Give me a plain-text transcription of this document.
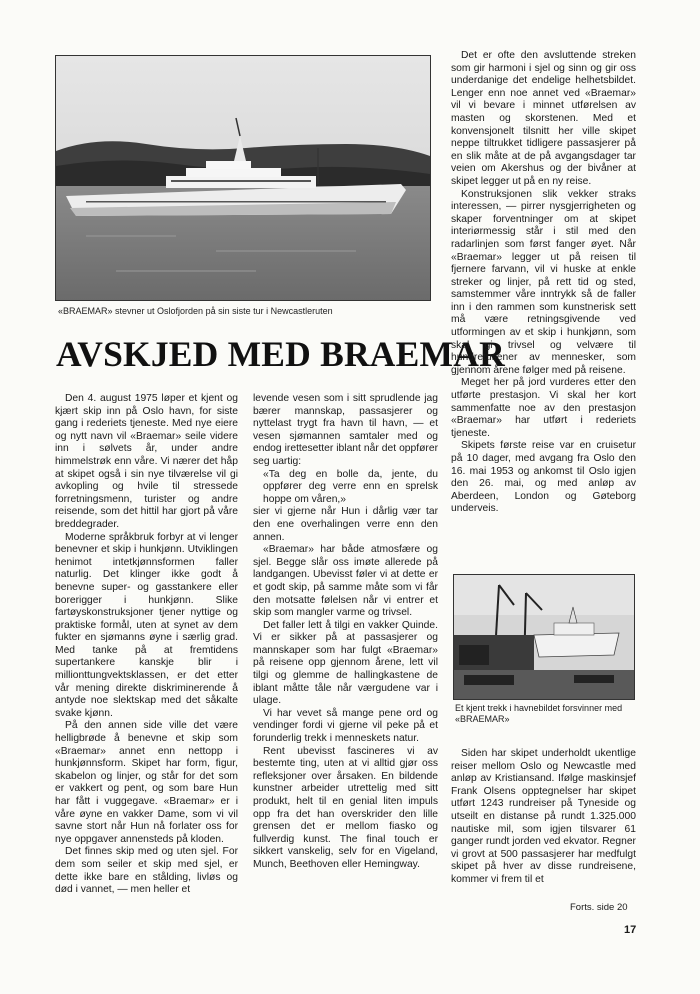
«BRAEMAR» stevner ut Oslofjorden på sin siste tur i Newcastleruten
AVSKJED MED BRAEMAR

Den 4. august 1975 løper et kjent og kjært skip inn på Oslo havn, for siste gang i rederiets tjeneste. Med nye eiere og nytt navn vil «Braemar» seile videre inn i sølvets år, under andre himmelstrøk enn våre. Vi nærer det håp at skipet også i sin nye tilværelse vil gi avkopling og hvile til stressede forretningsmenn, turister og andre reisende, som det hittil har gjort på våre breddegrader.

Moderne språkbruk forbyr at vi lenger benevner et skip i hunkjønn. Utviklingen henimot intetkjønnsformen faller naturlig. Det klinger ikke godt å benevne super- og gasstankere eller borerigger i hunkjønn. Slike fartøyskonstruksjoner tjener nyttige og praktiske formål, uten at synet av dem fukter en sjømanns øyne i særlig grad. Med tanke på at fremtidens supertankere kanskje blir i millionttungvektsklassen, er det etter vår mening direkte diskriminerende å antyde noe slektskap med det såkalte svake kjønn.

På den annen side ville det være helligbrøde å benevne et skip som «Braemar» annet enn nettopp i hunkjønnsform. Skipet har form, figur, skabelon og linjer, og står for det som er vakkert og pent, og som bare Hun har fått i vuggegave. «Braemar» er i våre øyne en vakker Dame, som vi vil savne stort når Hun nå forlater oss for nye oppgaver annensteds på kloden.

Det finnes skip med og uten sjel. For dem som seiler et skip med sjel, er dette ikke bare en stålding, livløs og død i vannet, — men heller et

levende vesen som i sitt sprudlende jag bærer mannskap, passasjerer og nyttelast trygt fra havn til havn, — et vesen sjømannen samtaler med og endog irettesetter iblant når det oppfører seg uartig:

«Ta deg en bolle da, jente, du oppfører deg verre enn en sprelsk hoppe om våren,»

sier vi gjerne når Hun i dårlig vær tar den ene overhalingen verre enn den annen.

«Braemar» har både atmosfære og sjel. Begge slår oss imøte allerede på landgangen. Ubevisst føler vi at dette er et godt skip, på samme måte som vi får den motsatte følelsen når vi entrer et skip som mangler varme og trivsel.

Det faller lett å tilgi en vakker Quinde. Vi er sikker på at passasjerer og mannskaper som har fulgt «Braemar» på reisene opp gjennom årene, lett vil tilgi og glemme de hallingkastene de iblant måtte tåle når værgudene var i ulage.

Vi har vevet så mange pene ord og vendinger fordi vi gjerne vil peke på et forunderlig trekk i menneskets natur.

Rent ubevisst fascineres vi av bestemte ting, uten at vi alltid gjør oss refleksjoner over årsaken. En bildende kunstner arbeider utrettelig med sitt produkt, helt til en genial liten impuls opp fra det han overskrider den lille grensen det er mellom fiasko og fullverdig kunst. The final touch er sikkert vanskelig, selv for en Vigeland, Munch, Beethoven eller Hemingway.

Det er ofte den avsluttende streken som gir harmoni i sjel og sinn og gir oss underdanige det endelige helhetsbildet. Lenger enn noe annet ved «Braemar» vil vi bevare i minnet utførelsen av masten og skorstenen. Med et konvensjonelt tilsnitt her ville skipet neppe tiltrukket tidligere passasjerer på en slik måte at de på avgangsdager tar veien om Akershus og der bivåner at skipet legger ut på en ny reise.

Konstruksjonen slik vekker straks interessen, — pirrer nysgjerrigheten og skaper forventninger om at skipet interiørmessig står i stil med den radarlinjen som først fanger øyet. Når «Braemar» legger ut på reisen til fjernere farvann, vil vi huske at enkle streker og linjer, på rett tid og sted, samstemmer våre inntrykk så de faller inn i den rammen som kunstnerisk sett må være retningsgivende ved utformingen av et skip i hunkjønn, som skal gi trivsel og velvære til hundretusener av mennesker, som gjennom årene følger med på reisene.

Meget her på jord vurderes etter den utførte prestasjon. Vi skal her kort sammenfatte noe av den prestasjon «Braemar» har utført i rederiets tjeneste.

Skipets første reise var en cruisetur på 10 dager, med avgang fra Oslo den 16. mai 1953 og ankomst til Oslo igjen den 26. mai, og med anløp av Aberdeen, London og Gøteborg underveis.

Et kjent trekk i havnebildet forsvinner med «BRAEMAR»

Siden har skipet underholdt ukentlige reiser mellom Oslo og Newcastle med anløp av Kristiansand. Ifølge maskinsjef Frank Olsens opptegnelser har skipet utført 1243 rundreiser på Tyneside og utseilt en distanse på rundt 1.325.000 nautiske mil, som igjen tilsvarer 61 ganger rundt jorden ved ekvator. Regner vi grovt at 500 passasjerer har medfulgt skipet på hver av disse rundreisene, kommer vi frem til et

Forts. side 20
17
